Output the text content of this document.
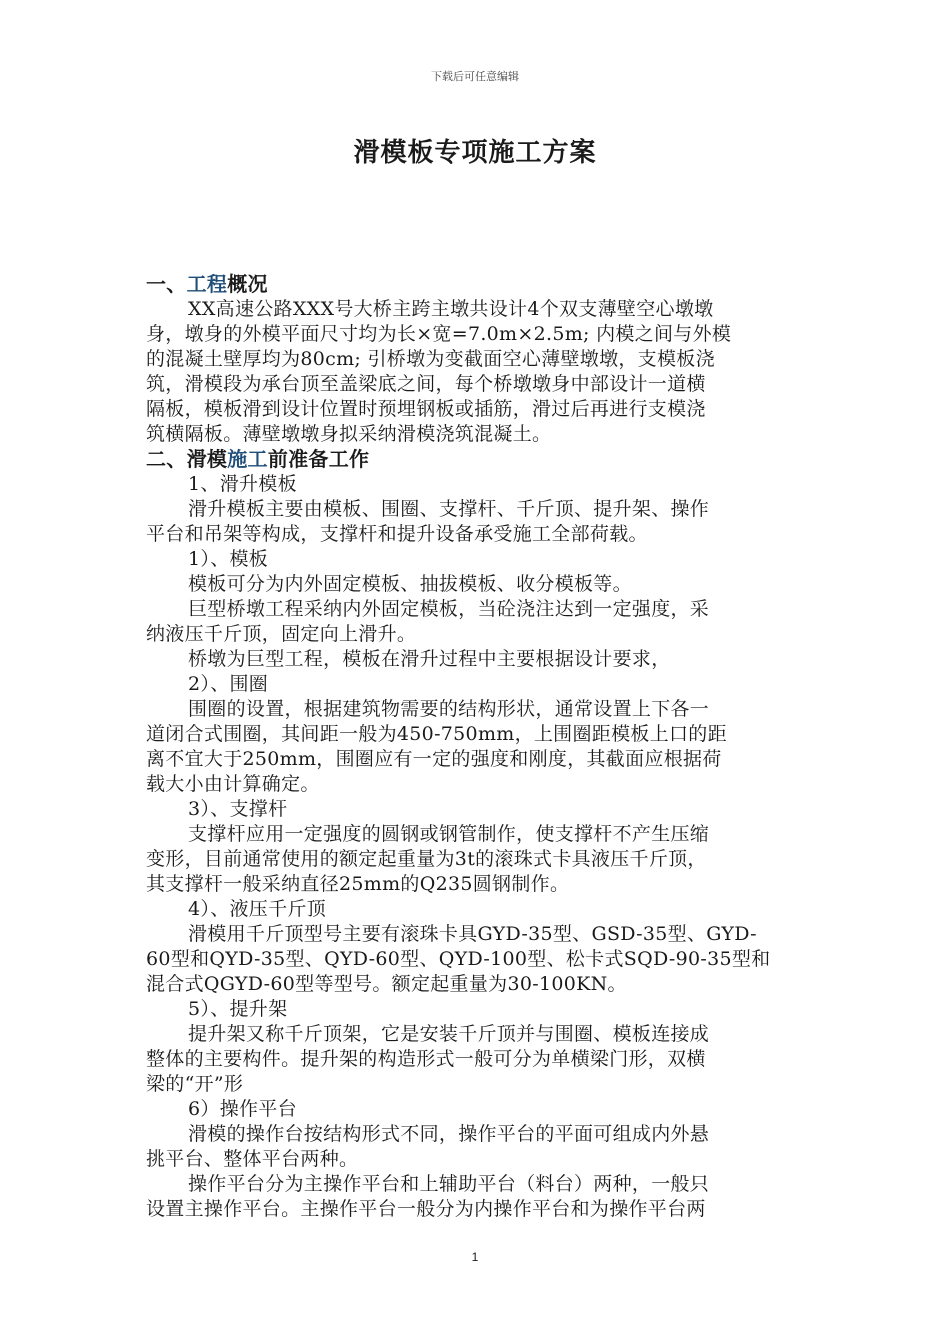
下载后可任意编辑
滑模板专项施工方案
一、工程概况
XX高速公路XXX号大桥主跨主墩共设计4个双支薄壁空心墩墩
身，墩身的外模平面尺寸均为长×宽=7.0m×2.5m; 内模之间与外模
的混凝土壁厚均为80cm; 引桥墩为变截面空心薄壁墩墩，支模板浇
筑，滑模段为承台顶至盖梁底之间，每个桥墩墩身中部设计一道横
隔板，模板滑到设计位置时预埋钢板或插筋，滑过后再进行支模浇
筑横隔板。薄壁墩墩身拟采纳滑模浇筑混凝土。
二、滑模施工前准备工作
1、滑升模板
滑升模板主要由模板、围圈、支撑杆、千斤顶、提升架、操作
平台和吊架等构成，支撑杆和提升设备承受施工全部荷载。
1）、模板
模板可分为内外固定模板、抽拔模板、收分模板等。
巨型桥墩工程采纳内外固定模板，当砼浇注达到一定强度，采
纳液压千斤顶，固定向上滑升。
桥墩为巨型工程，模板在滑升过程中主要根据设计要求，
2）、围圈
围圈的设置，根据建筑物需要的结构形状，通常设置上下各一
道闭合式围圈，其间距一般为450-750mm，上围圈距模板上口的距
离不宜大于250mm，围圈应有一定的强度和刚度，其截面应根据荷
载大小由计算确定。
3）、支撑杆
支撑杆应用一定强度的圆钢或钢管制作，使支撑杆不产生压缩
变形，目前通常使用的额定起重量为3t的滚珠式卡具液压千斤顶，
其支撑杆一般采纳直径25mm的Q235圆钢制作。
4）、液压千斤顶
滑模用千斤顶型号主要有滚珠卡具GYD-35型、GSD-35型、GYD-
60型和QYD-35型、QYD-60型、QYD-100型、松卡式SQD-90-35型和
混合式QGYD-60型等型号。额定起重量为30-100KN。
5）、提升架
提升架又称千斤顶架，它是安装千斤顶并与围圈、模板连接成
整体的主要构件。提升架的构造形式一般可分为单横梁门形，双横
梁的“开”形
6）操作平台
滑模的操作台按结构形式不同，操作平台的平面可组成内外悬
挑平台、整体平台两种。
操作平台分为主操作平台和上辅助平台（料台）两种，一般只
设置主操作平台。主操作平台一般分为内操作平台和为操作平台两
1
